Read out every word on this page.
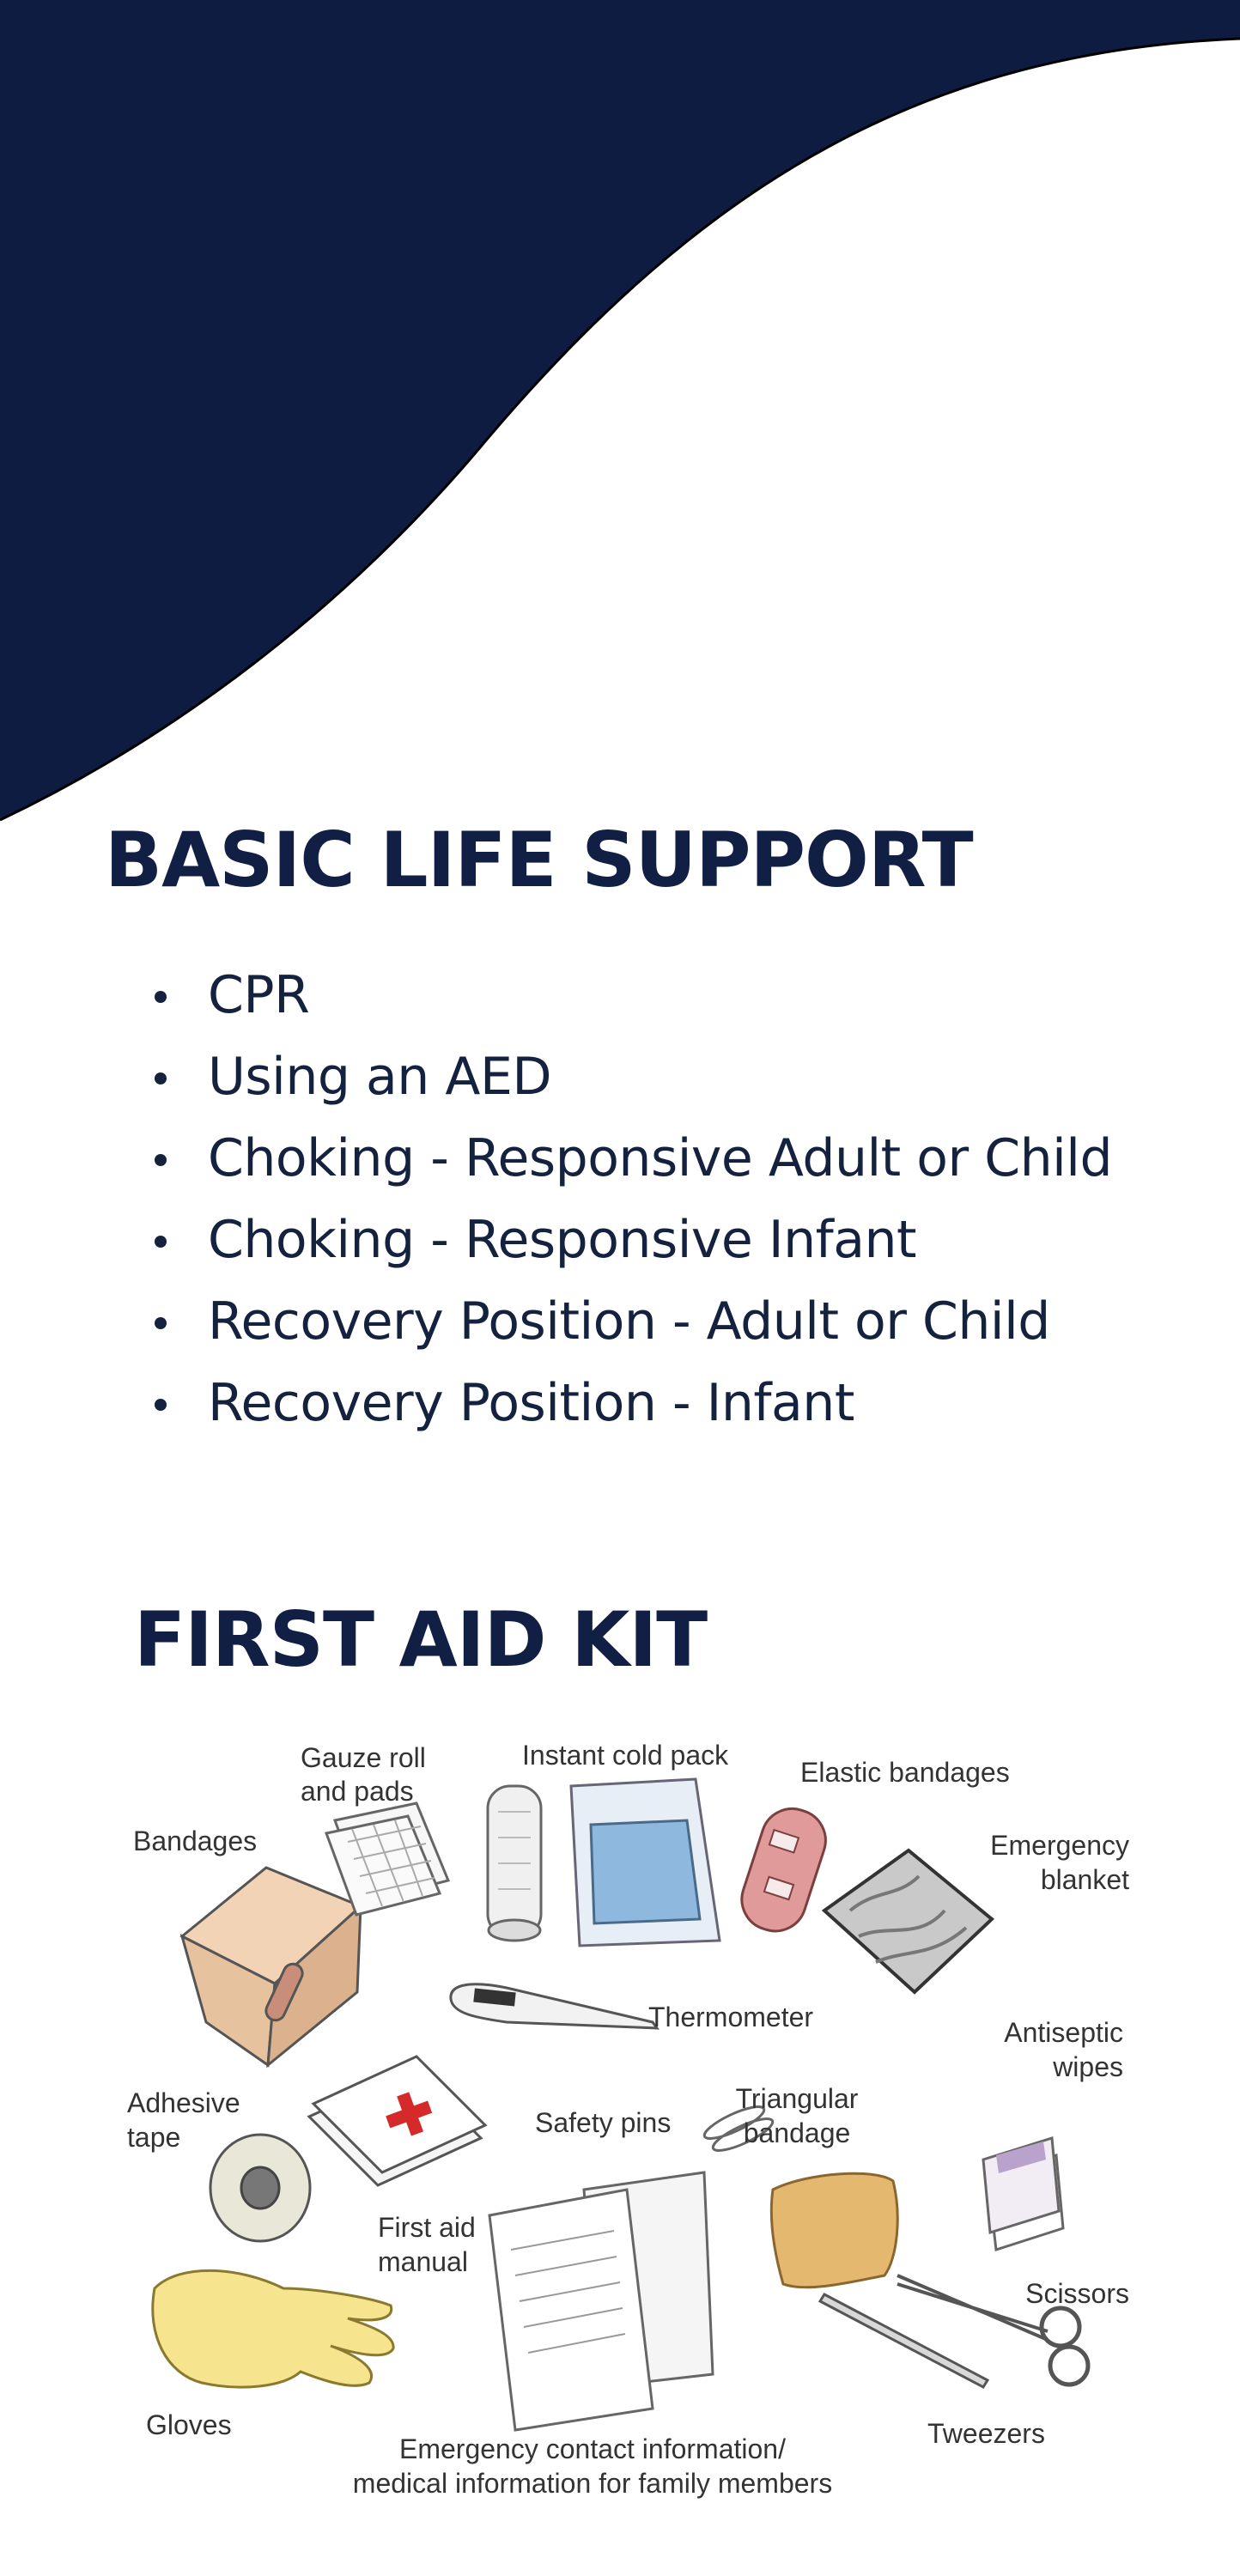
BASIC LIFE SUPPORT
CPR
Using an AED
Choking - Responsive Adult or Child
Choking - Responsive Infant
Recovery Position - Adult or Child
Recovery Position - Infant
FIRST AID KIT
Gauze roll
and pads
Instant cold pack
Elastic bandages
Bandages	Emergency
blanket
Thermometer	Antiseptic
wipes
Adhesive
tape	Safety pins
Triangular
bandage
First aid
manual
Scissors
Gloves	Tweezers
Emergency contact information/
medical information for family members
